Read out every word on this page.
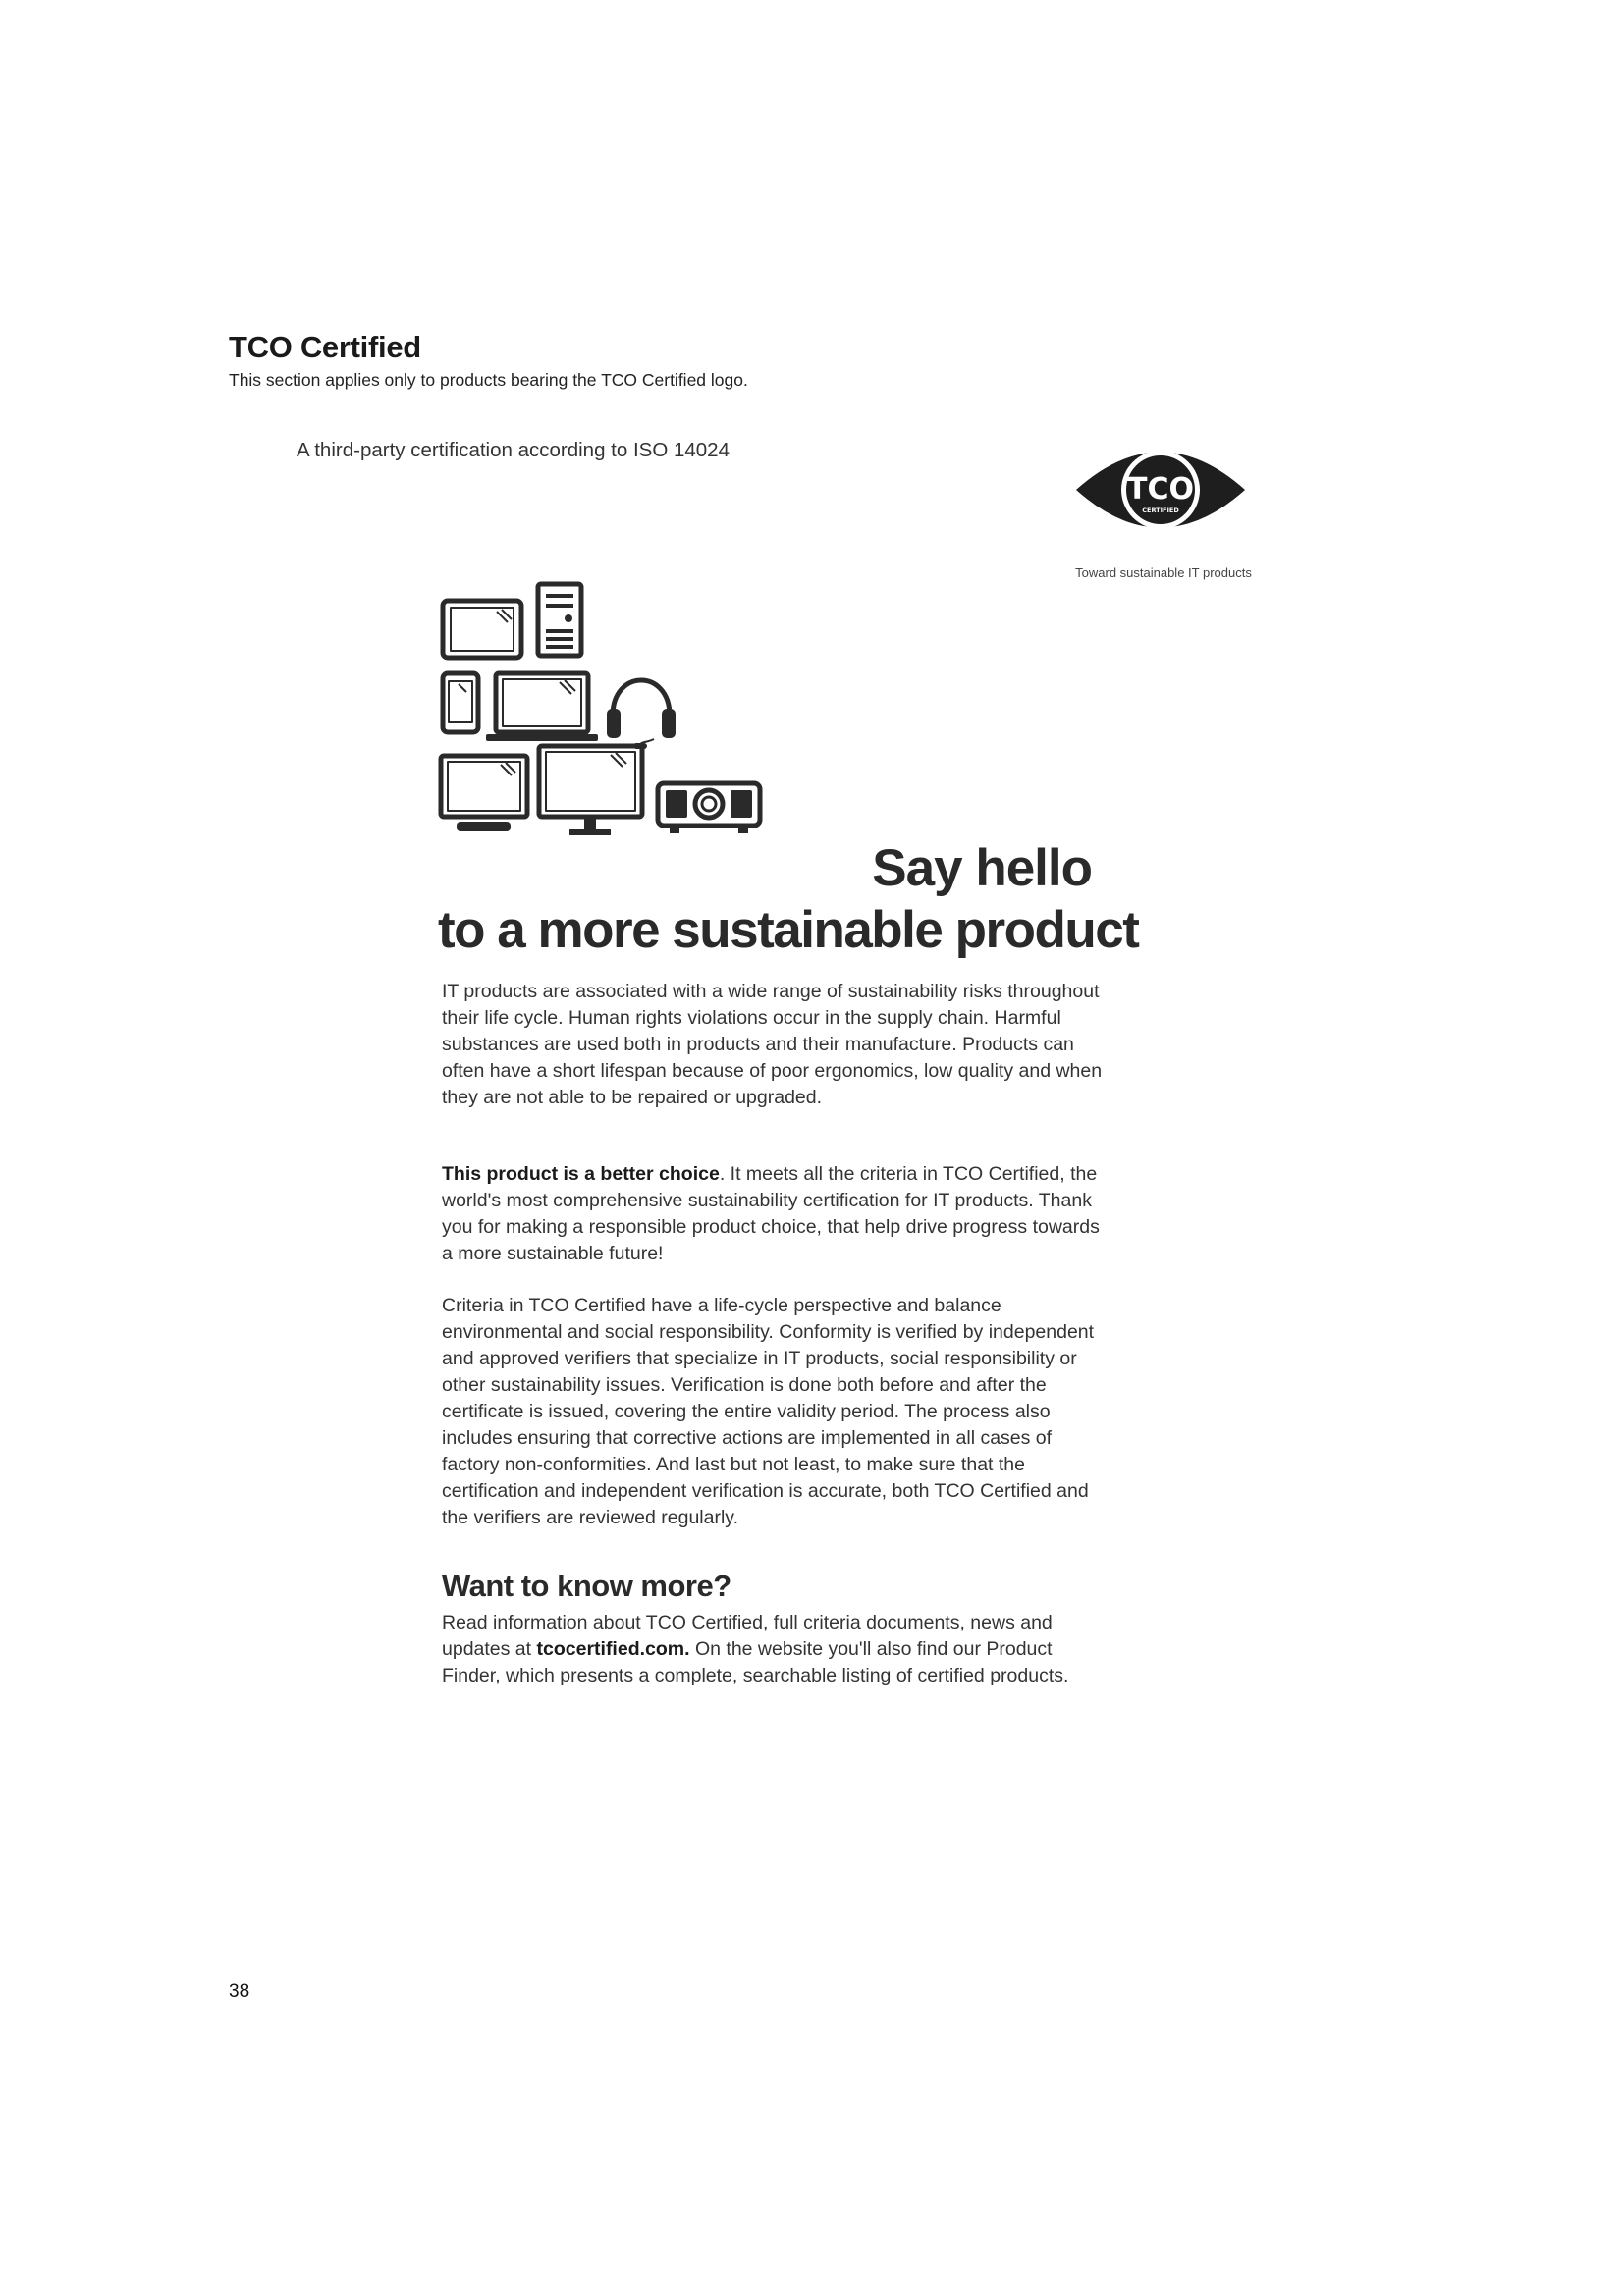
TCO Certified

This section applies only to products bearing the TCO Certified logo.

A third-party certification according to ISO 14024
TCO
CERTIFIED
Toward sustainable IT products
Say hello
to a more sustainable product

IT products are associated with a wide range of sustainability risks throughout their life cycle. Human rights violations occur in the supply chain. Harmful substances are used both in products and their manufacture. Products can often have a short lifespan because of poor ergonomics, low quality and when they are not able to be repaired or upgraded.

This product is a better choice. It meets all the criteria in TCO Certified, the world's most comprehensive sustainability certification for IT products. Thank you for making a responsible product choice, that help drive progress towards a more sustainable future!

Criteria in TCO Certified have a life-cycle perspective and balance environmental and social responsibility. Conformity is verified by independent and approved verifiers that specialize in IT products, social responsibility or other sustainability issues. Verification is done both before and after the certificate is issued, covering the entire validity period. The process also includes ensuring that corrective actions are implemented in all cases of factory non-conformities. And last but not least, to make sure that the certification and independent verification is accurate, both TCO Certified and the verifiers are reviewed regularly.

Want to know more?

Read information about TCO Certified, full criteria documents, news and updates at tcocertified.com. On the website you'll also find our Product Finder, which presents a complete, searchable listing of certified products.

38
